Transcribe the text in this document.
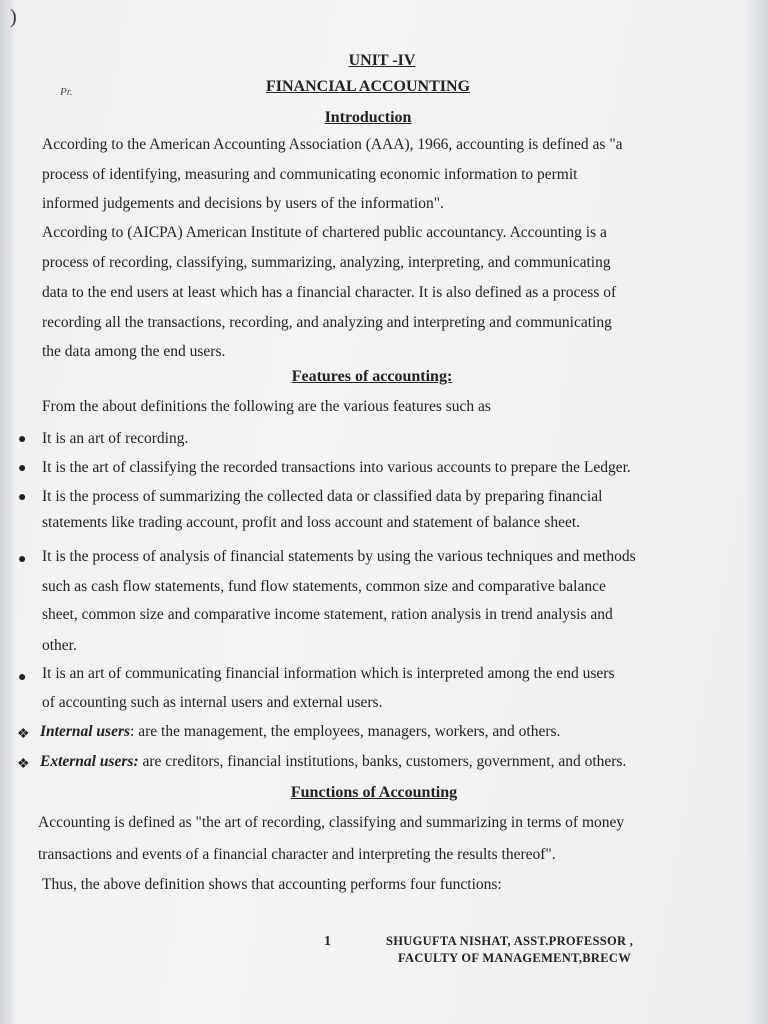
)
Pr.
UNIT -IV
FINANCIAL ACCOUNTING
Introduction
According to the American Accounting Association (AAA), 1966, accounting is defined as "a
process of identifying, measuring and communicating economic information to permit
informed judgements and decisions by users of the information".
According to (AICPA) American Institute of chartered public accountancy. Accounting is a
process of recording, classifying, summarizing, analyzing, interpreting, and communicating
data to the end users at least which has a financial character. It is also defined as a process of
recording all the transactions, recording, and analyzing and interpreting and communicating
the data among the end users.
Features of accounting:
From the about definitions the following are the various features such as
● It is an art of recording.
● It is the art of classifying the recorded transactions into various accounts to prepare the Ledger.
● It is the process of summarizing the collected data or classified data by preparing financial
statements like trading account, profit and loss account and statement of balance sheet.
● It is the process of analysis of financial statements by using the various techniques and methods
such as cash flow statements, fund flow statements, common size and comparative balance
sheet, common size and comparative income statement, ration analysis in trend analysis and
other.
● It is an art of communicating financial information which is interpreted among the end users
of accounting such as internal users and external users.
❖ Internal users: are the management, the employees, managers, workers, and others.
❖ External users: are creditors, financial institutions, banks, customers, government, and others.
Functions of Accounting
Accounting is defined as "the art of recording, classifying and summarizing in terms of money
transactions and events of a financial character and interpreting the results thereof".
Thus, the above definition shows that accounting performs four functions:
1	SHUGUFTA NISHAT, ASST.PROFESSOR ,
FACULTY OF MANAGEMENT,BRECW
